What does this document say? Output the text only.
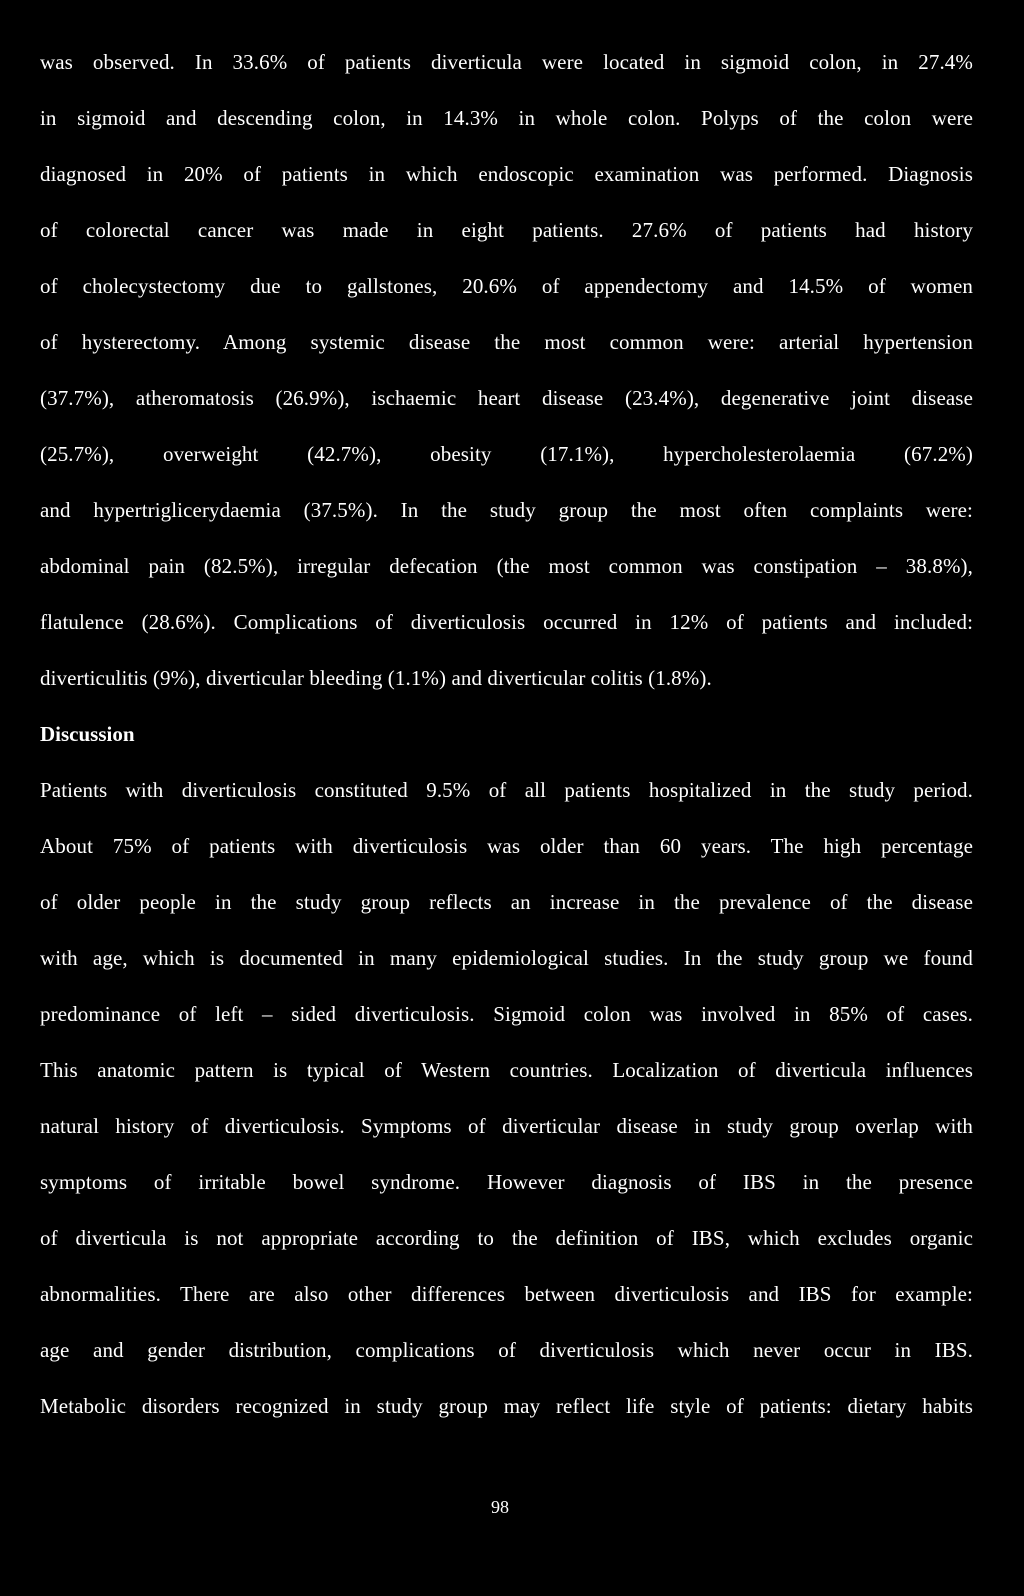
was observed. In 33.6% of patients diverticula were located in sigmoid colon, in 27.4%
in sigmoid and descending colon, in 14.3% in whole colon. Polyps of the colon were
diagnosed in 20% of patients in which endoscopic examination was performed. Diagnosis
of colorectal cancer was made in eight patients. 27.6% of patients had history
of cholecystectomy due to gallstones, 20.6% of appendectomy and 14.5% of women
of hysterectomy. Among systemic disease the most common were: arterial hypertension
(37.7%), atheromatosis (26.9%), ischaemic heart disease (23.4%), degenerative joint disease
(25.7%), overweight (42.7%), obesity (17.1%), hypercholesterolaemia (67.2%)
and hypertriglicerydaemia (37.5%). In the study group the most often complaints were:
abdominal pain (82.5%), irregular defecation (the most common was constipation – 38.8%),
flatulence (28.6%). Complications of diverticulosis occurred in 12% of patients and included:
diverticulitis (9%), diverticular bleeding (1.1%) and diverticular colitis (1.8%).
Discussion
Patients with diverticulosis constituted 9.5% of all patients hospitalized in the study period.
About 75% of patients with diverticulosis was older than 60 years. The high percentage
of older people in the study group reflects an increase in the prevalence of the disease
with age, which is documented in many epidemiological studies. In the study group we found
predominance of left – sided diverticulosis. Sigmoid colon was involved in 85% of cases.
This anatomic pattern is typical of Western countries. Localization of diverticula influences
natural history of diverticulosis. Symptoms of diverticular disease in study group overlap with
symptoms of irritable bowel syndrome. However diagnosis of IBS in the presence
of diverticula is not appropriate according to the definition of IBS, which excludes organic
abnormalities. There are also other differences between diverticulosis and IBS for example:
age and gender distribution, complications of diverticulosis which never occur in IBS.
Metabolic disorders recognized in study group may reflect life style of patients: dietary habits
98
